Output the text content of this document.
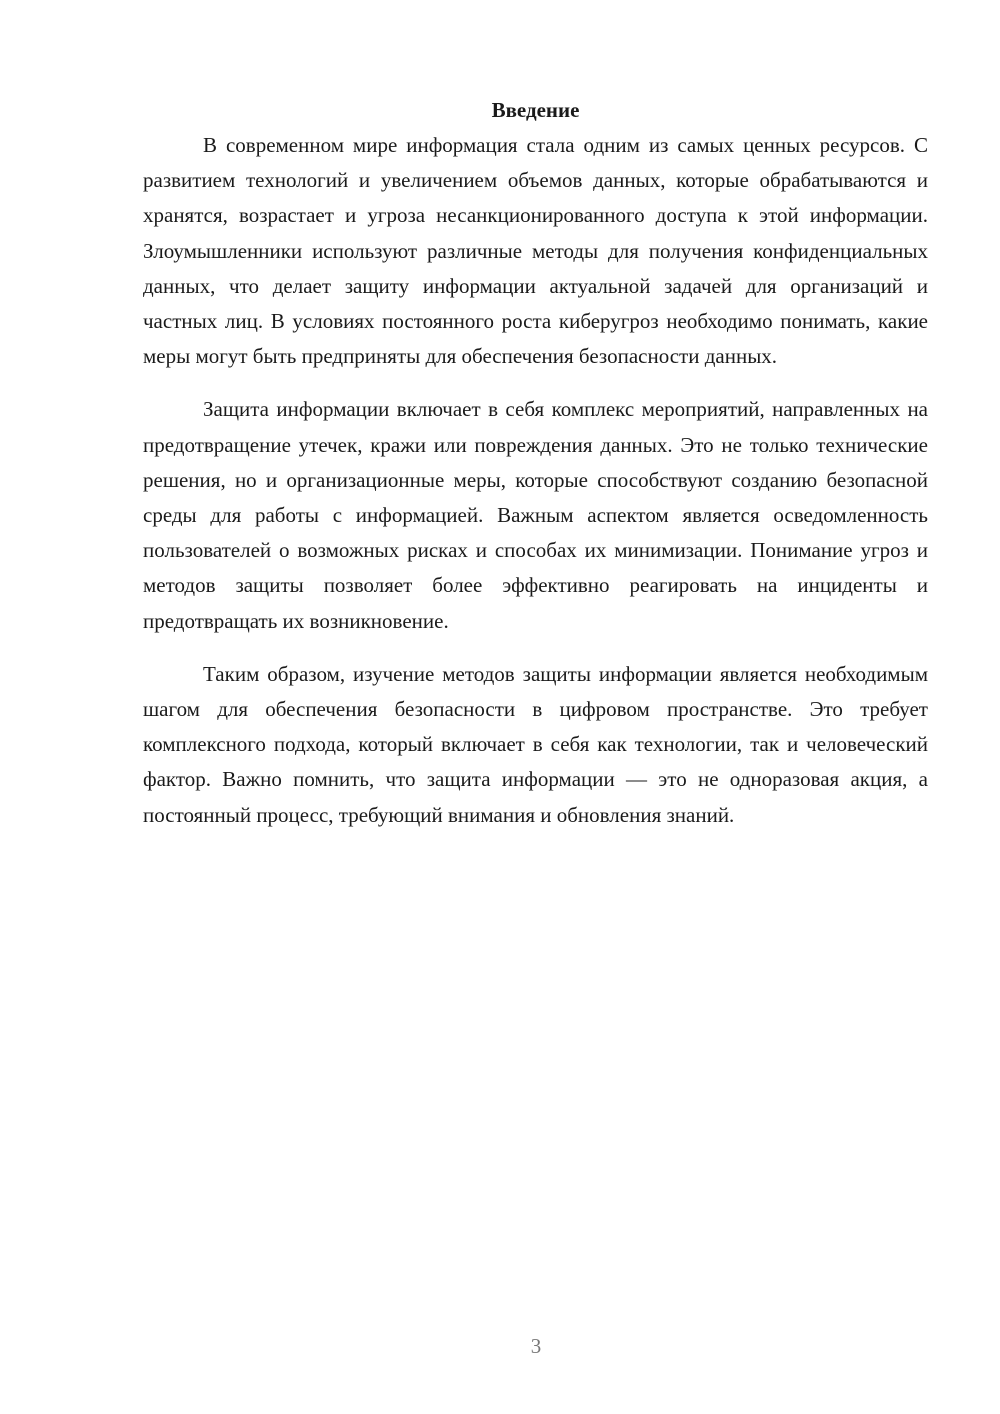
Введение

В современном мире информация стала одним из самых ценных ресурсов. С развитием технологий и увеличением объемов данных, которые обрабатываются и хранятся, возрастает и угроза несанкционированного доступа к этой информации. Злоумышленники используют различные методы для получения конфиденциальных данных, что делает защиту информации актуальной задачей для организаций и частных лиц. В условиях постоянного роста киберугроз необходимо понимать, какие меры могут быть предприняты для обеспечения безопасности данных.

Защита информации включает в себя комплекс мероприятий, направленных на предотвращение утечек, кражи или повреждения данных. Это не только технические решения, но и организационные меры, которые способствуют созданию безопасной среды для работы с информацией. Важным аспектом является осведомленность пользователей о возможных рисках и способах их минимизации. Понимание угроз и методов защиты позволяет более эффективно реагировать на инциденты и предотвращать их возникновение.

Таким образом, изучение методов защиты информации является необходимым шагом для обеспечения безопасности в цифровом пространстве. Это требует комплексного подхода, который включает в себя как технологии, так и человеческий фактор. Важно помнить, что защита информации — это не одноразовая акция, а постоянный процесс, требующий внимания и обновления знаний.

3
